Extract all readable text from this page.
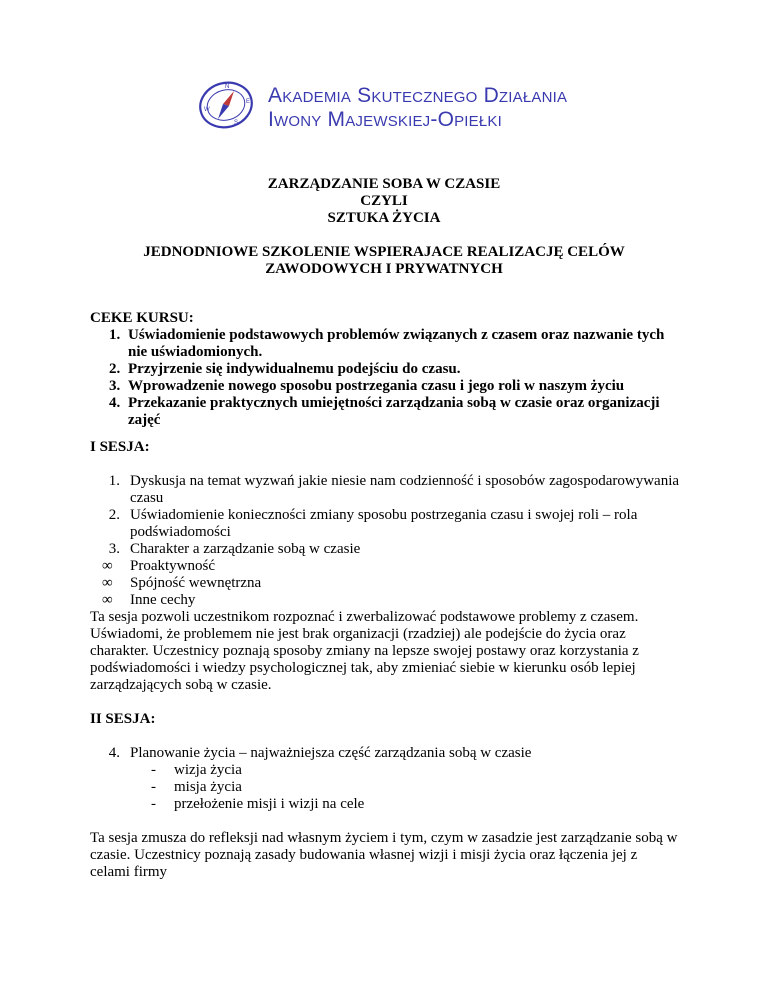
N
E
S
W
Akademia Skutecznego Działania
Iwony Majewskiej-Opiełki
ZARZĄDZANIE SOBA W CZASIE
CZYLI
SZTUKA ŻYCIA
JEDNODNIOWE SZKOLENIE WSPIERAJACE REALIZACJĘ CELÓW
ZAWODOWYCH I PRYWATNYCH

CEKE KURSU:

1. Uświadomienie podstawowych problemów związanych z czasem oraz nazwanie tych nie uświadomionych.
2. Przyjrzenie się indywidualnemu podejściu do czasu.
3. Wprowadzenie nowego sposobu postrzegania czasu i jego roli w naszym życiu
4. Przekazanie praktycznych umiejętności zarządzania sobą w czasie oraz organizacji zajęć

I SESJA:

1. Dyskusja na temat wyzwań jakie niesie nam codzienność i sposobów zagospodarowywania czasu
2. Uświadomienie konieczności zmiany sposobu postrzegania czasu i swojej roli – rola podświadomości
3. Charakter a zarządzanie sobą w czasie
∞ Proaktywność
∞ Spójność wewnętrzna
∞ Inne cechy

Ta sesja pozwoli uczestnikom rozpoznać i zwerbalizować podstawowe problemy z czasem. Uświadomi, że problemem nie jest brak organizacji (rzadziej) ale podejście do życia oraz charakter. Uczestnicy poznają sposoby zmiany na lepsze swojej postawy oraz korzystania z podświadomości i wiedzy psychologicznej tak, aby zmieniać siebie w kierunku osób lepiej zarządzających sobą w czasie.

II SESJA:

4. Planowanie życia – najważniejsza część zarządzania sobą w czasie
- wizja życia
- misja życia
- przełożenie misji i wizji na cele

Ta sesja zmusza do refleksji nad własnym życiem i tym, czym w zasadzie jest zarządzanie sobą w czasie. Uczestnicy poznają zasady budowania własnej wizji i misji życia oraz łączenia jej z celami firmy
